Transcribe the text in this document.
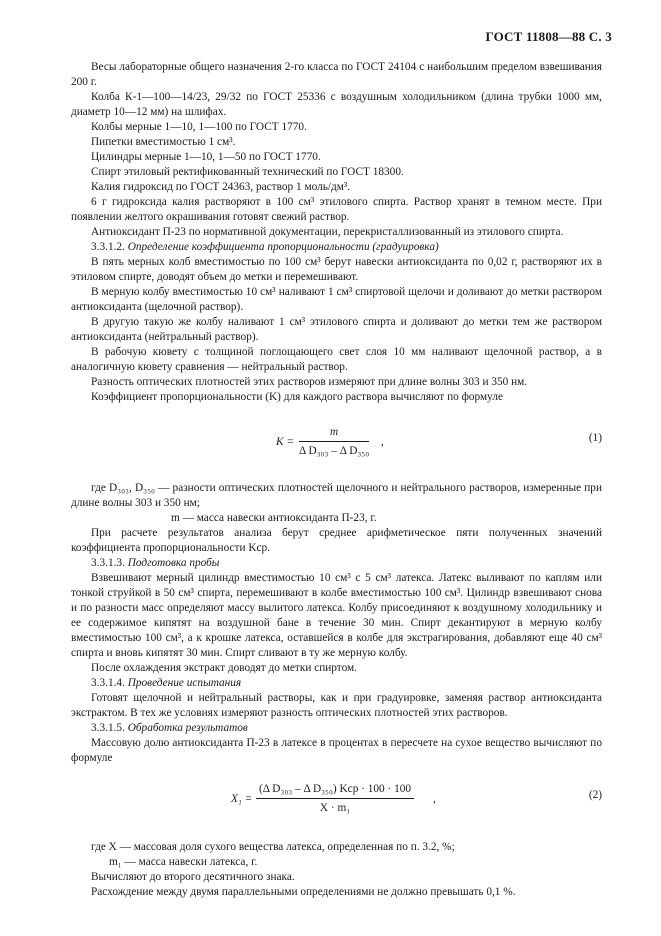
ГОСТ 11808—88 С. 3

Весы лабораторные общего назначения 2-го класса по ГОСТ 24104 с наибольшим пределом взвешивания 200 г.

Колба К-1—100—14/23, 29/32 по ГОСТ 25336 с воздушным холодильником (длина трубки 1000 мм, диаметр 10—12 мм) на шлифах.

Колбы мерные 1—10, 1—100 по ГОСТ 1770.

Пипетки вместимостью 1 см³.

Цилиндры мерные 1—10, 1—50 по ГОСТ 1770.

Спирт этиловый ректификованный технический по ГОСТ 18300.

Калия гидроксид по ГОСТ 24363, раствор 1 моль/дм³.

6 г гидроксида калия растворяют в 100 см³ этилового спирта. Раствор хранят в темном месте. При появлении желтого окрашивания готовят свежий раствор.

Антиоксидант П-23 по нормативной документации, перекристаллизованный из этилового спирта.

3.3.1.2. Определение коэффициента пропорциональности (градуировка)

В пять мерных колб вместимостью по 100 см³ берут навески антиоксиданта по 0,02 г, растворяют их в этиловом спирте, доводят объем до метки и перемешивают.

В мерную колбу вместимостью 10 см³ наливают 1 см³ спиртовой щелочи и доливают до метки раствором антиоксиданта (щелочной раствор).

В другую такую же колбу наливают 1 см³ этилового спирта и доливают до метки тем же раствором антиоксиданта (нейтральный раствор).

В рабочую кювету с толщиной поглощающего свет слоя 10 мм наливают щелочной раствор, а в аналогичную кювету сравнения — нейтральный раствор.

Разность оптических плотностей этих растворов измеряют при длине волны 303 и 350 нм.

Коэффициент пропорциональности (K) для каждого раствора вычисляют по формуле

$K = \frac{m}{\text{Δ D₃₀₃ – Δ D₃₅₀}}$ ,	(1)

где D₃₀₃, D₃₅₀ — разности оптических плотностей щелочного и нейтрального растворов, измеренные при длине волны 303 и 350 нм;

m — масса навески антиоксиданта П-23, г.

При расчете результатов анализа берут среднее арифметическое пяти полученных значений коэффициента пропорциональности Kср.

3.3.1.3. Подготовка пробы

Взвешивают мерный цилиндр вместимостью 10 см³ с 5 см³ латекса. Латекс выливают по каплям или тонкой струйкой в 50 см³ спирта, перемешивают в колбе вместимостью 100 см³. Цилиндр взвешивают снова и по разности масс определяют массу вылитого латекса. Колбу присоединяют к воздушному холодильнику и ее содержимое кипятят на воздушной бане в течение 30 мин. Спирт декантируют в мерную колбу вместимостью 100 см³, а к крошке латекса, оставшейся в колбе для экстрагирования, добавляют еще 40 см³ спирта и вновь кипятят 30 мин. Спирт сливают в ту же мерную колбу.

После охлаждения экстракт доводят до метки спиртом.

3.3.1.4. Проведение испытания

Готовят щелочной и нейтральный растворы, как и при градуировке, заменяя раствор антиоксиданта экстрактом. В тех же условиях измеряют разность оптических плотностей этих растворов.

3.3.1.5. Обработка результатов

Массовую долю антиоксиданта П-23 в латексе в процентах в пересчете на сухое вещество вычисляют по формуле

X₁ =
(Δ D₃₀₃ – Δ D₃₅₀) Kср · 100 · 100
X · m₁
,	(2)

где X — массовая доля сухого вещества латекса, определенная по п. 3.2, %;

m₁ — масса навески латекса, г.

Вычисляют до второго десятичного знака.

Расхождение между двумя параллельными определениями не должно превышать 0,1 %.
